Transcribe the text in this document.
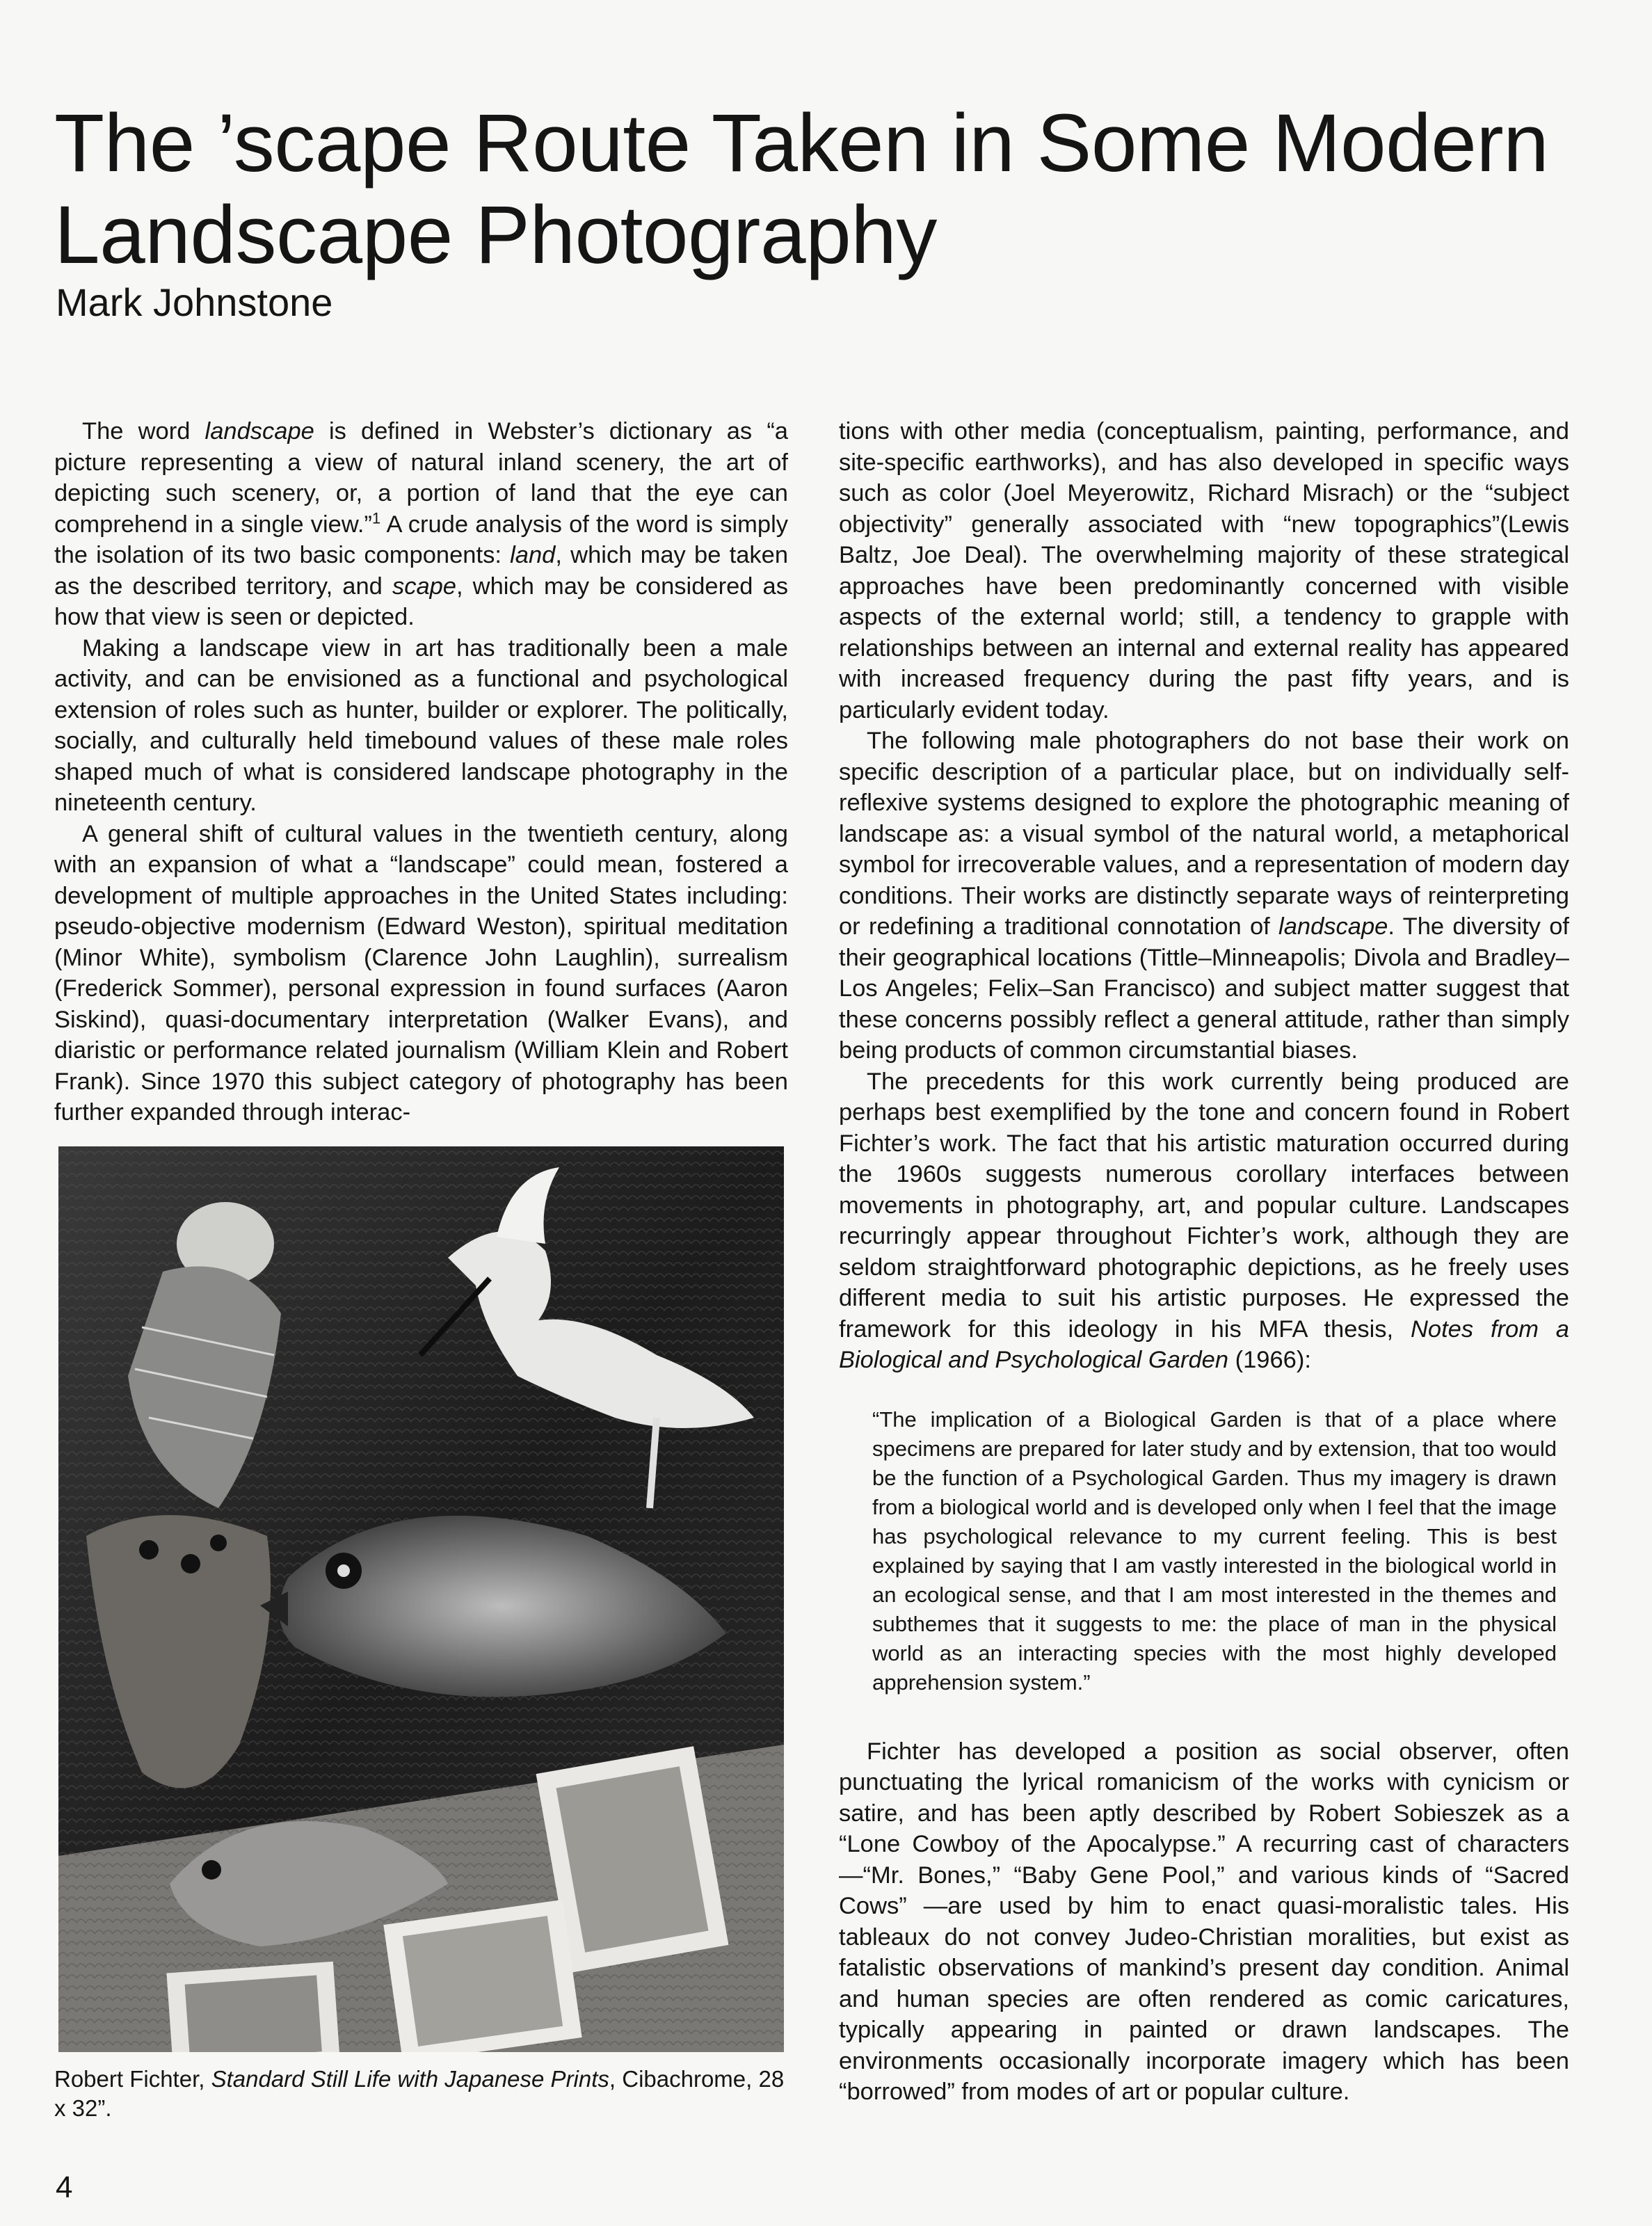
The ’scape Route Taken in Some Modern Landscape Photography
Mark Johnstone

The word landscape is defined in Webster’s dictionary as “a picture representing a view of natural inland scenery, the art of depicting such scenery, or, a portion of land that the eye can comprehend in a single view.”$^1$ A crude analysis of the word is simply the isolation of its two basic components: land, which may be taken as the described territory, and scape, which may be considered as how that view is seen or depicted.

Making a landscape view in art has traditionally been a male activity, and can be envisioned as a functional and psychological extension of roles such as hunter, builder or explorer. The politically, socially, and culturally held timebound values of these male roles shaped much of what is considered landscape photography in the nineteenth century.

A general shift of cultural values in the twentieth century, along with an expansion of what a “landscape” could mean, fostered a development of multiple approaches in the United States including: pseudo-objective modernism (Edward Weston), spiritual meditation (Minor White), symbolism (Clarence John Laughlin), surrealism (Frederick Sommer), personal expression in found surfaces (Aaron Siskind), quasi-documentary interpretation (Walker Evans), and diaristic or performance related journalism (William Klein and Robert Frank). Since 1970 this subject category of photography has been further expanded through interac-

Robert Fichter, Standard Still Life with Japanese Prints, Cibachrome, 28 x 32”.

tions with other media (conceptualism, painting, performance, and site-specific earthworks), and has also developed in specific ways such as color (Joel Meyerowitz, Richard Misrach) or the “subject objectivity” generally associated with “new topographics”(Lewis Baltz, Joe Deal). The overwhelming majority of these strategical approaches have been predominantly concerned with visible aspects of the external world; still, a tendency to grapple with relationships between an internal and external reality has appeared with increased frequency during the past fifty years, and is particularly evident today.

The following male photographers do not base their work on specific description of a particular place, but on individually self-reflexive systems designed to explore the photographic meaning of landscape as: a visual symbol of the natural world, a metaphorical symbol for irrecoverable values, and a representation of modern day conditions. Their works are distinctly separate ways of reinterpreting or redefining a traditional connotation of landscape. The diversity of their geographical locations (Tittle–Minneapolis; Divola and Bradley–Los Angeles; Felix–San Francisco) and subject matter suggest that these concerns possibly reflect a general attitude, rather than simply being products of common circumstantial biases.

The precedents for this work currently being produced are perhaps best exemplified by the tone and concern found in Robert Fichter’s work. The fact that his artistic maturation occurred during the 1960s suggests numerous corollary interfaces between movements in photography, art, and popular culture. Landscapes recurringly appear throughout Fichter’s work, although they are seldom straightforward photographic depictions, as he freely uses different media to suit his artistic purposes. He expressed the framework for this ideology in his MFA thesis, Notes from a Biological and Psychological Garden (1966):

“The implication of a Biological Garden is that of a place where specimens are prepared for later study and by extension, that too would be the function of a Psychological Garden. Thus my imagery is drawn from a biological world and is developed only when I feel that the image has psychological relevance to my current feeling. This is best explained by saying that I am vastly interested in the biological world in an ecological sense, and that I am most interested in the themes and subthemes that it suggests to me: the place of man in the physical world as an interacting species with the most highly developed apprehension system.”

Fichter has developed a position as social observer, often punctuating the lyrical romanicism of the works with cynicism or satire, and has been aptly described by Robert Sobieszek as a “Lone Cowboy of the Apocalypse.” A recurring cast of characters—“Mr. Bones,” “Baby Gene Pool,” and various kinds of “Sacred Cows” —are used by him to enact quasi-moralistic tales. His tableaux do not convey Judeo-Christian moralities, but exist as fatalistic observations of mankind’s present day condition. Animal and human species are often rendered as comic caricatures, typically appearing in painted or drawn landscapes. The environments occasionally incorporate imagery which has been “borrowed” from modes of art or popular culture.

4
